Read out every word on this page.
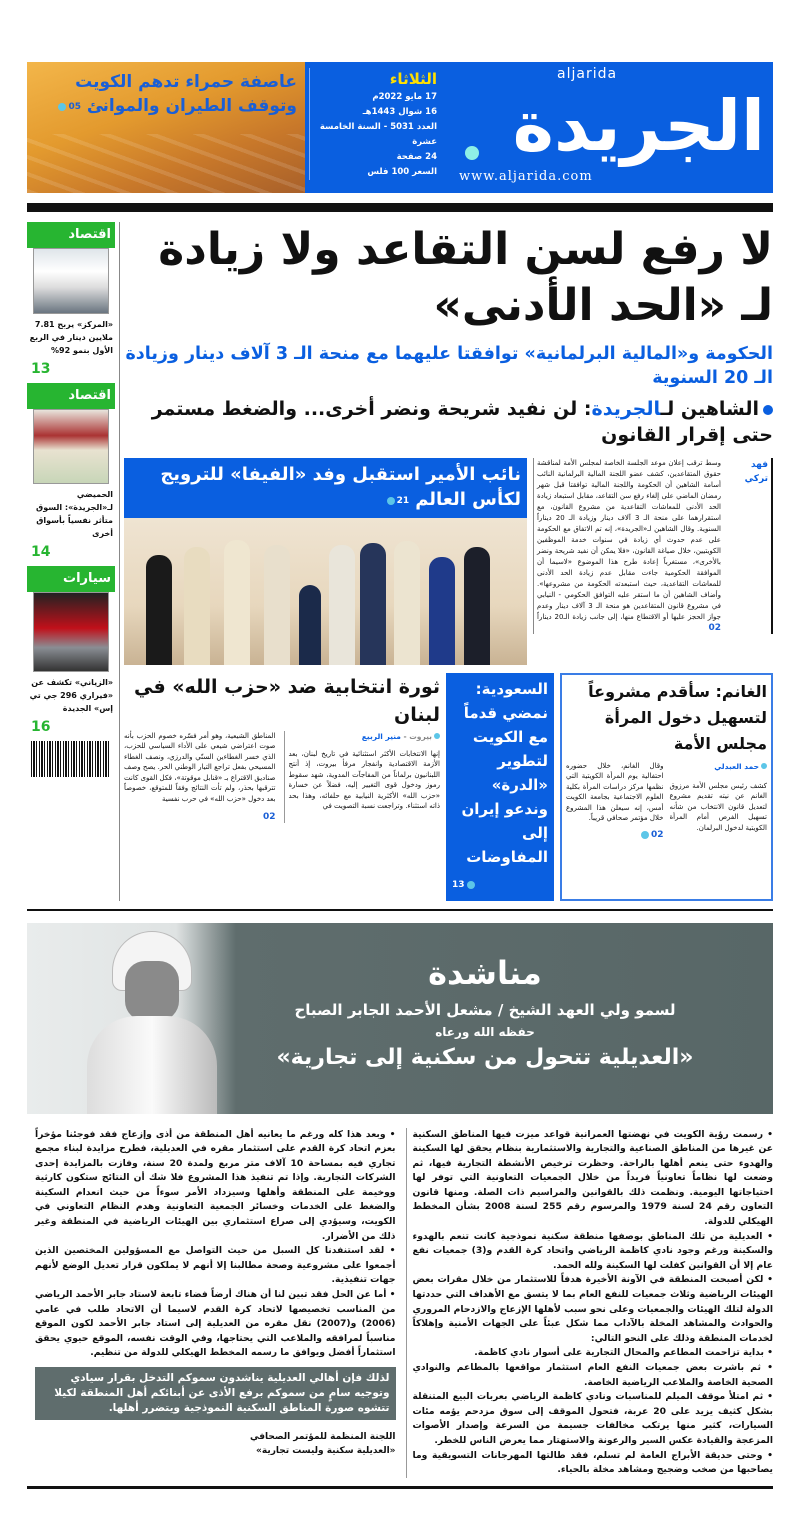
الثلاثاء
17 مايو 2022م
16 شوال 1443هـ
العدد 5031 - السنة الخامسة عشرة
24 صفحة
السعر 100 فلس
aljarida
الجريدة
www.aljarida.com
عاصفة حمراء تدهم الكويت
وتوقف الطيران والموانئ
05
لا رفع لسن التقاعد ولا زيادة لـ «الحد الأدنى»
الحكومة و«المالية البرلمانية» توافقتا عليهما مع منحة الـ 3 آلاف دينار وزيادة الـ 20 السنوية
الشاهين لـالجريدة: لن نفيد شريحة ونضر أخرى... والضغط مستمر حتى إقرار القانون
فهد تركي
وسط ترقب إعلان موعد الجلسة الخاصة لمجلس الأمة لمناقشة حقوق المتقاعدين، كشف عضو اللجنة المالية البرلمانية النائب أسامة الشاهين أن الحكومة واللجنة المالية توافقتا قبل شهر رمضان الماضي على إلغاء رفع سن التقاعد، مقابل استبعاد زيادة الحد الأدنى للمعاشات التقاعدية من مشروع القانون، مع استقرارهما على منحة الـ 3 آلاف دينار وزيادة الـ 20 ديناراً السنوية. وقال الشاهين لـ«الجريدة»، إنه تم الاتفاق مع الحكومة على عدم حدوث أي زيادة في سنوات خدمة الموظفين الكويتيين، خلال صياغة القانون، «فلا يمكن أن نفيد شريحة ونضر بالأخرى»، مستغرباً إعادة طرح هذا الموضوع «لاسيما أن الموافقة الحكومية جاءت مقابل عدم زيادة الحد الأدنى للمعاشات التقاعدية، حيث استبعدته الحكومة من مشروعها». وأضاف الشاهين أن ما استقر عليه التوافق الحكومي - النيابي في مشروع قانون المتقاعدين هو منحة الـ 3 آلاف دينار وعدم جواز الحجز عليها أو الاقتطاع منها، إلى جانب زيادة الـ20 ديناراً 02
نائب الأمير استقبل وفد «الفيفا» للترويج لكأس العالم
21
الغانم: سأقدم مشروعاً لتسهيل دخول المرأة مجلس الأمة
حمد العبدلي
كشف رئيس مجلس الأمة مرزوق الغانم عن نيته تقديم مشروع لتعديل قانون الانتخاب من شأنه تسهيل الفرص أمام المرأة الكويتية لدخول البرلمان.
وقال الغانم، خلال حضوره احتفالية يوم المرأة الكويتية التي نظمها مركز دراسات المرأة بكلية العلوم الاجتماعية بجامعة الكويت أمس، إنه سيعلن هذا المشروع خلال مؤتمر صحافي قريباً.
02
السعودية: نمضي قدماً مع الكويت لتطوير «الدرة» وندعو إيران إلى المفاوضات
13
ثورة انتخابية ضد «حزب الله» في لبنان
بيروت - منير الربيع
إنها الانتخابات الأكثر استثنائية في تاريخ لبنان، بعد الأزمة الاقتصادية وانفجار مرفأ بيروت، إذ أنتج اللبنانيون برلماناً من المفاجآت المدوية، شهد سقوط رموز ودخول قوى التغيير إليه، فضلاً عن خسارة «حزب الله» الأكثرية النيابية مع حلفائه، وهذا بحد ذاته استثناء. وتراجعت نسبة التصويت في
المناطق الشيعية، وهو أمر فسّره خصوم الحزب بأنه صوت اعتراضي شيعي على الأداء السياسي للحزب، الذي خسر الغطاءين السنّي والدرزي، ونصف الغطاء المسيحي بفعل تراجع التيار الوطني الحر. يصح وصف صناديق الاقتراع بـ «قنابل موقوتة»، فكل القوى كانت تترقبها بحذر، ولم تأت النتائج وفقاً للمتوقع، خصوصاً بعد دخول «حزب الله» في حرب نفسية
02
اقتصاد
«المركز» يربح 7.81 ملايين دينار في الربع الأول بنمو 92%
13
اقتصاد
الحميضي لـ«الجريدة»: السوق متأثر نفسياً بأسواق أخرى
14
سيارات
«الزياني» تكشف عن «فيراري 296 جي تي إس» الجديدة
16
مناشدة
لسمو ولي العهد الشيخ / مشعل الأحمد الجابر الصباح
حفظه الله ورعاه
«العديلية تتحول من سكنية إلى تجارية»

• رسمت رؤية الكويت في نهضتها العمرانية قواعد ميزت فيها المناطق السكنية عن غيرها من المناطق الصناعية والتجارية والاستثمارية بنظام يحقق لها السكينة والهدوء حتى ينعم أهلها بالراحة. وحظرت ترخيص الأنشطة التجارية فيها، ثم وضعت لها نظاماً تعاونياً فريداً من خلال الجمعيات التعاونية التي توفر لها احتياجاتها اليومية. ونظمت ذلك بالقوانين والمراسيم ذات الصلة. ومنها قانون التعاون رقم 24 لسنة 1979 والمرسوم رقم 255 لسنة 2008 بشأن المخطط الهيكلي للدولة.

• العديلية من تلك المناطق بوصفها منطقة سكنية نموذجية كانت تنعم بالهدوء والسكينة ورغم وجود نادي كاظمة الرياضي واتحاد كرة القدم و(3) جمعيات نفع عام إلا أن القوانين كفلت لها السكينة ولله الحمد.

• لكن أصبحت المنطقة في الآونة الأخيرة هدفاً للاستثمار من خلال مقرات بعض الهيئات الرياضية وثلاث جمعيات للنفع العام بما لا يتسق مع الأهداف التي حددتها الدولة لتلك الهيئات والجمعيات وعلى نحو سبب لأهلها الإزعاج والازدحام المروري والحوادث والمشاهد المخلة بالآداب مما شكل عبئاً على الجهات الأمنية وإهلاكاً لخدمات المنطقة وذلك على النحو التالي:

• بداية تزاحمت المطاعم والمحال التجارية على أسوار نادي كاظمة.

• ثم باشرت بعض جمعيات النفع العام استثمار مواقعها بالمطاعم والنوادي الصحية الخاصة والملاعب الرياضية الخاصة.

• ثم امتلأ موقف الميلم للمناسبات ونادي كاظمة الرياضي بعربات البيع المتنقلة بشكل كثيف يزيد على 20 عربة، فتحول الموقف إلى سوق مزدحم يؤمه مئات السيارات، كثير منها يرتكب مخالفات جسيمة من السرعة وإصدار الأصوات المزعجة والقيادة عكس السير والرعونة والاستهتار مما يعرض الناس للخطر.

• وحتى حديقة الأبراج العامة لم تسلم، فقد طالتها المهرجانات التسويقية وما يصاحبها من صخب وضجيج ومشاهد مخلة بالحياء.

• وبعد هذا كله ورغم ما يعانيه أهل المنطقة من أذى وإزعاج فقد فوجئنا مؤخراً بعزم اتحاد كرة القدم على استثمار مقره في العديلية، فطرح مزايدة لبناء مجمع تجاري فيه بمساحة 10 آلاف متر مربع ولمدة 20 سنة، وفازت بالمزايدة إحدى الشركات التجارية. وإذا تم تنفيذ هذا المشروع فلا شك أن النتائج ستكون كارثية ووخيمة على المنطقة وأهلها وسيزداد الأمر سوءاً من حيث انعدام السكينة والضغط على الخدمات وخسائر الجمعية التعاونية وهدم النظام التعاوني في الكويت، وسيؤدي إلى صراع استثماري بين الهيئات الرياضية في المنطقة وغير ذلك من الأضرار.

• لقد استنفدنا كل السبل من حيث التواصل مع المسؤولين المختصين الذين أجمعوا على مشروعية وصحة مطالبنا إلا أنهم لا يملكون قرار تعديل الوضع لأنهم جهات تنفيذية.

• أما عن الحل فقد تبين لنا أن هناك أرضاً فضاء تابعة لاستاد جابر الأحمد الرياضي من المناسب تخصيصها لاتحاد كرة القدم لاسيما أن الاتحاد طلب في عامي (2006) و(2007) نقل مقره من العديلية إلى استاد جابر الأحمد لكون الموقع مناسباً لمرافقه والملاعب التي يحتاجها، وفي الوقت نفسه، الموقع حيوي يحقق استثماراً أفضل ويوافق ما رسمه المخطط الهيكلي للدولة من تنظيم.

لذلك فإن أهالي العديلية يناشدون سموكم التدخل بقرار سيادي وتوجيه سامٍ من سموكم برفع الأذى عن أبنائكم أهل المنطقة لكيلا تتشوه صورة المناطق السكنية النموذجية ويتضرر أهلها.
اللجنة المنظمة للمؤتمر الصحافي
«العديلية سكنية وليست تجارية»
